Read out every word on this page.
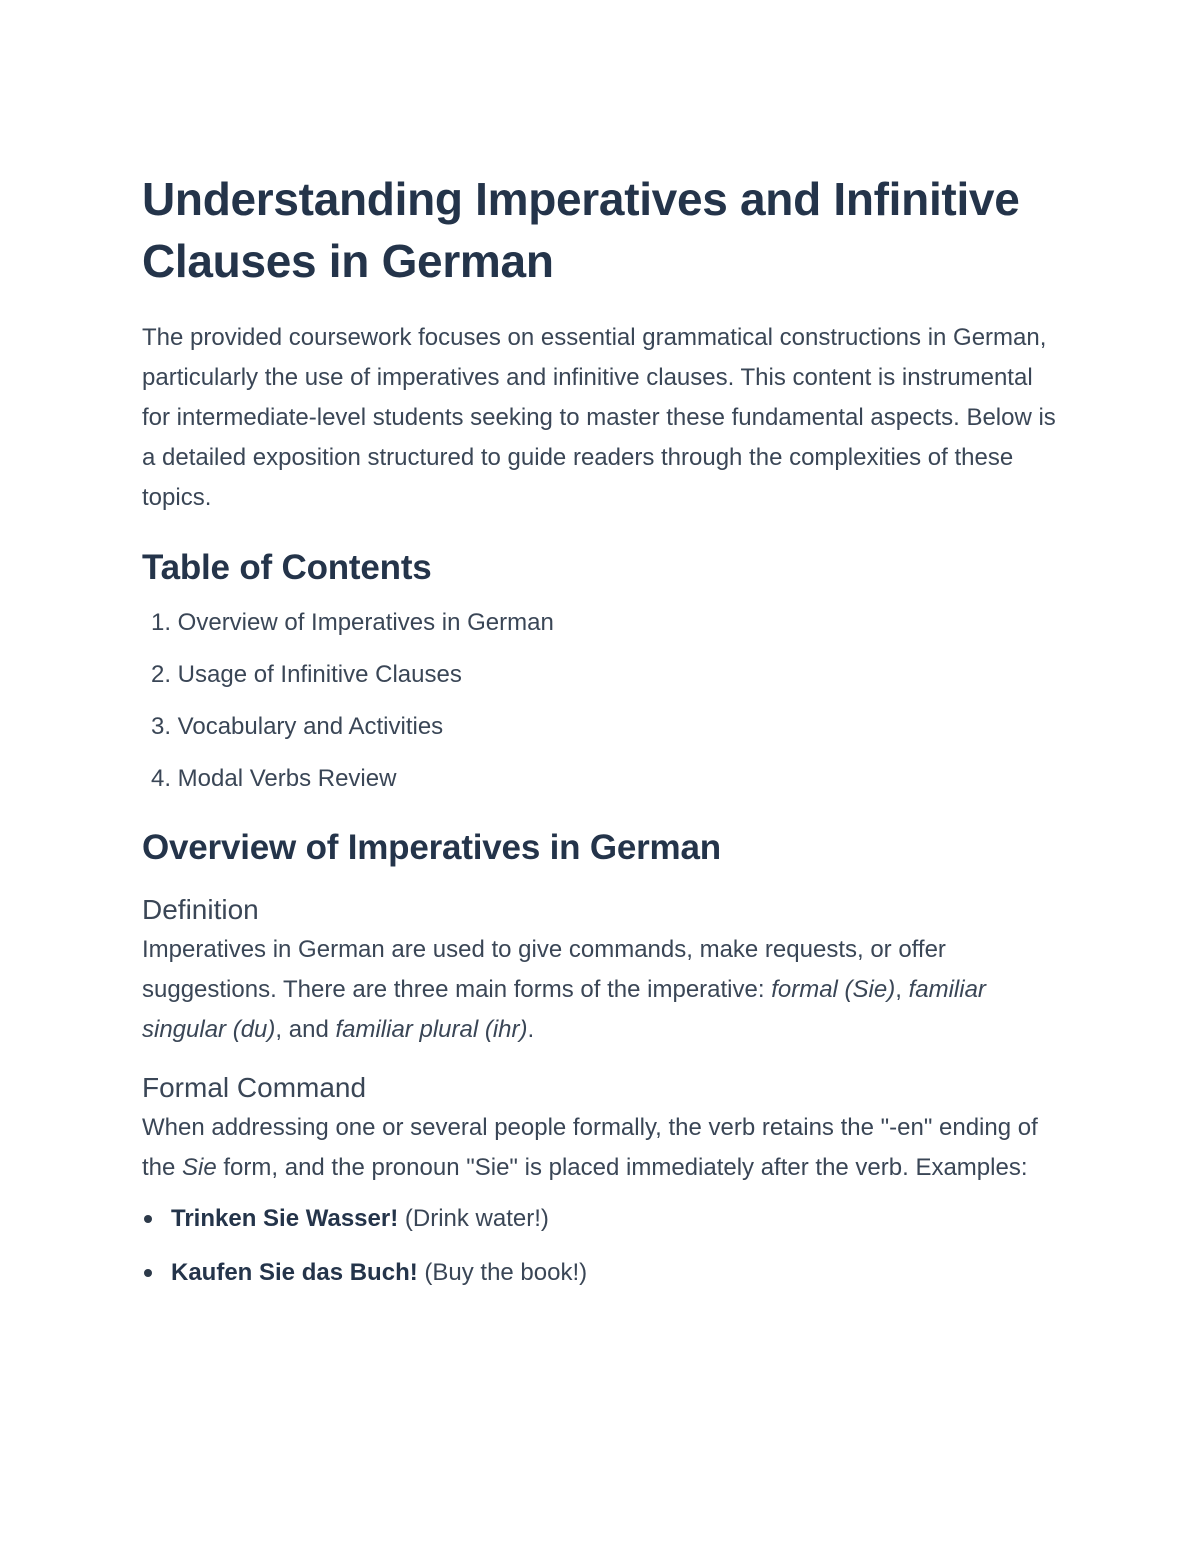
Understanding Imperatives and Infinitive Clauses in German

The provided coursework focuses on essential grammatical constructions in German, particularly the use of imperatives and infinitive clauses. This content is instrumental for intermediate-level students seeking to master these fundamental aspects. Below is a detailed exposition structured to guide readers through the complexities of these topics.

Table of Contents
1.
Overview of Imperatives in German
2.
Usage of Infinitive Clauses
3.
Vocabulary and Activities
4.
Modal Verbs Review
Overview of Imperatives in German
Definition

Imperatives in German are used to give commands, make requests, or offer suggestions. There are three main forms of the imperative: formal (Sie), familiar singular (du), and familiar plural (ihr).

Formal Command

When addressing one or several people formally, the verb retains the "-en" ending of the Sie form, and the pronoun "Sie" is placed immediately after the verb. Examples:

Trinken Sie Wasser! (Drink water!)
Kaufen Sie das Buch! (Buy the book!)
